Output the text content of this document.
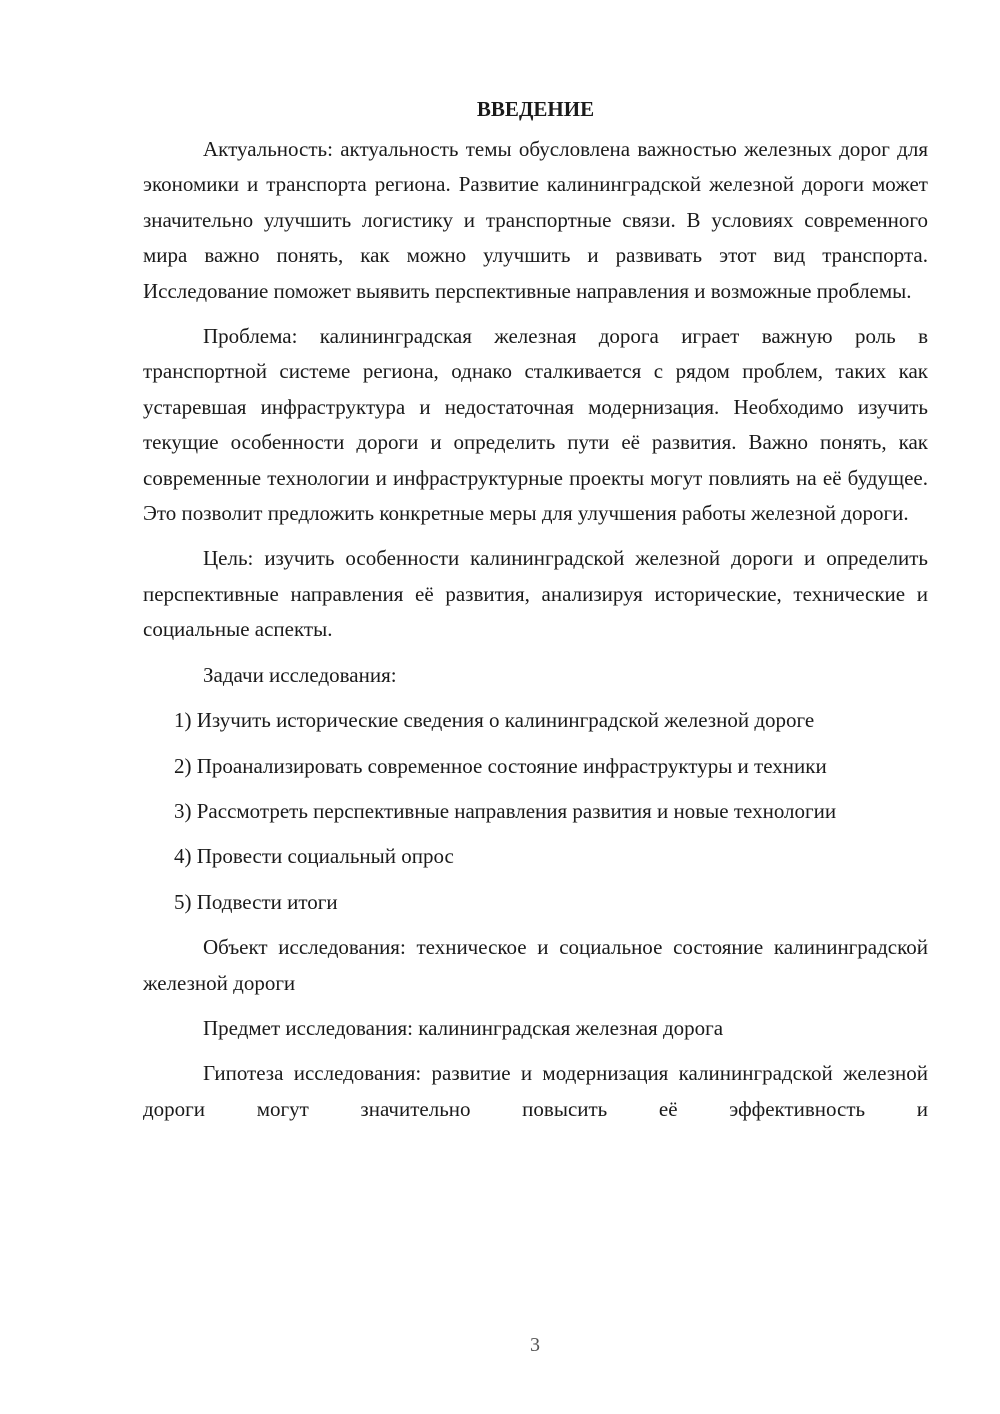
ВВЕДЕНИЕ

Актуальность: актуальность темы обусловлена важностью железных дорог для экономики и транспорта региона. Развитие калининградской железной дороги может значительно улучшить логистику и транспортные связи. В условиях современного мира важно понять, как можно улучшить и развивать этот вид транспорта. Исследование поможет выявить перспективные направления и возможные проблемы.

Проблема: калининградская железная дорога играет важную роль в транспортной системе региона, однако сталкивается с рядом проблем, таких как устаревшая инфраструктура и недостаточная модернизация. Необходимо изучить текущие особенности дороги и определить пути её развития. Важно понять, как современные технологии и инфраструктурные проекты могут повлиять на её будущее. Это позволит предложить конкретные меры для улучшения работы железной дороги.

Цель: изучить особенности калининградской железной дороги и определить перспективные направления её развития, анализируя исторические, технические и социальные аспекты.

Задачи исследования:

1) Изучить исторические сведения о калининградской железной дороге

2) Проанализировать современное состояние инфраструктуры и техники

3) Рассмотреть перспективные направления развития и новые технологии

4) Провести социальный опрос

5) Подвести итоги

Объект исследования: техническое и социальное состояние калининградской железной дороги

Предмет исследования: калининградская железная дорога

Гипотеза исследования: развитие и модернизация калининградской железной дороги могут значительно повысить её эффективность и

3
